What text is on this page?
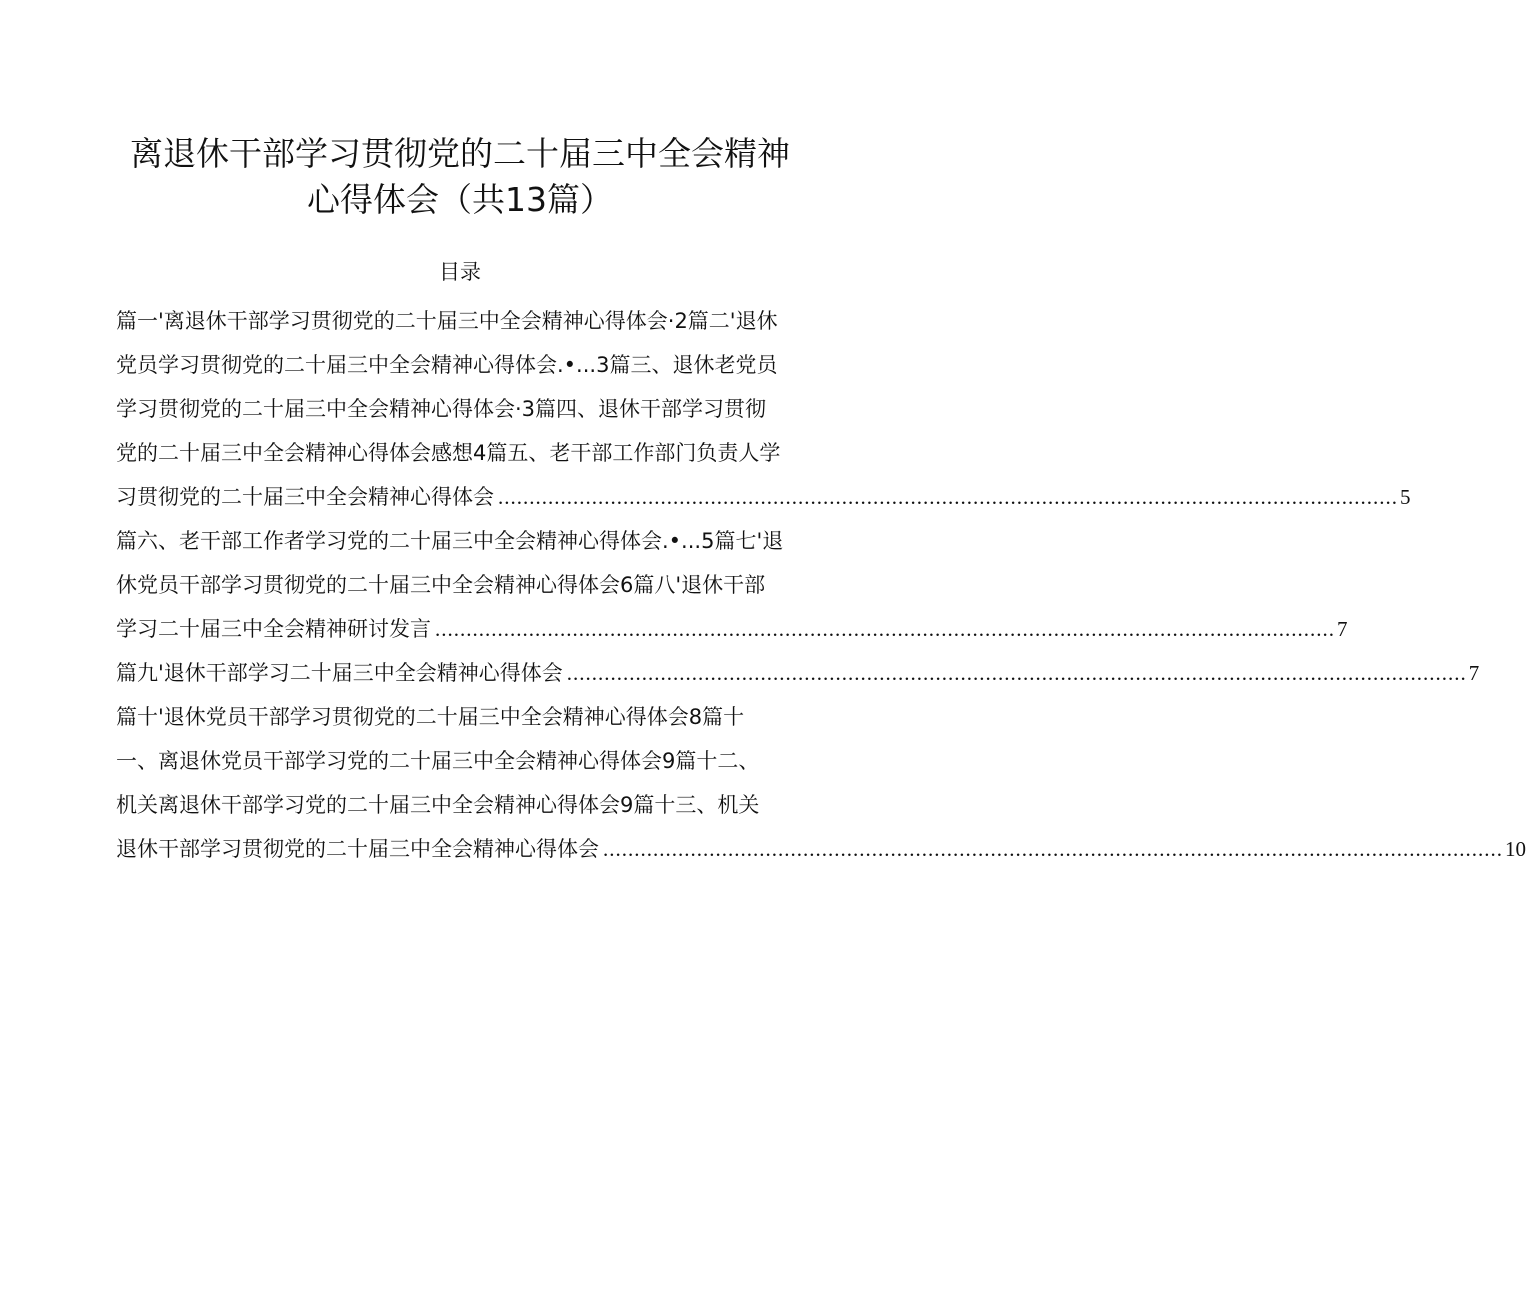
离退休干部学习贯彻党的二十届三中全会精神
心得体会（共13篇）
目录
篇一'离退休干部学习贯彻党的二十届三中全会精神心得体会·2篇二'退休
党员学习贯彻党的二十届三中全会精神心得体会.•...3篇三、退休老党员
学习贯彻党的二十届三中全会精神心得体会·3篇四、退休干部学习贯彻
党的二十届三中全会精神心得体会感想4篇五、老干部工作部门负责人学
习贯彻党的二十届三中全会精神心得体会 ................................................................................................................................................ 5
篇六、老干部工作者学习党的二十届三中全会精神心得体会.•...5篇七'退
休党员干部学习贯彻党的二十届三中全会精神心得体会6篇八'退休干部
学习二十届三中全会精神研讨发言 ................................................................................................................................................ 7
篇九'退休干部学习二十届三中全会精神心得体会 ................................................................................................................................................ 7
篇十'退休党员干部学习贯彻党的二十届三中全会精神心得体会8篇十
一、离退休党员干部学习党的二十届三中全会精神心得体会9篇十二、
机关离退休干部学习党的二十届三中全会精神心得体会9篇十三、机关
退休干部学习贯彻党的二十届三中全会精神心得体会 ................................................................................................................................................ 10
